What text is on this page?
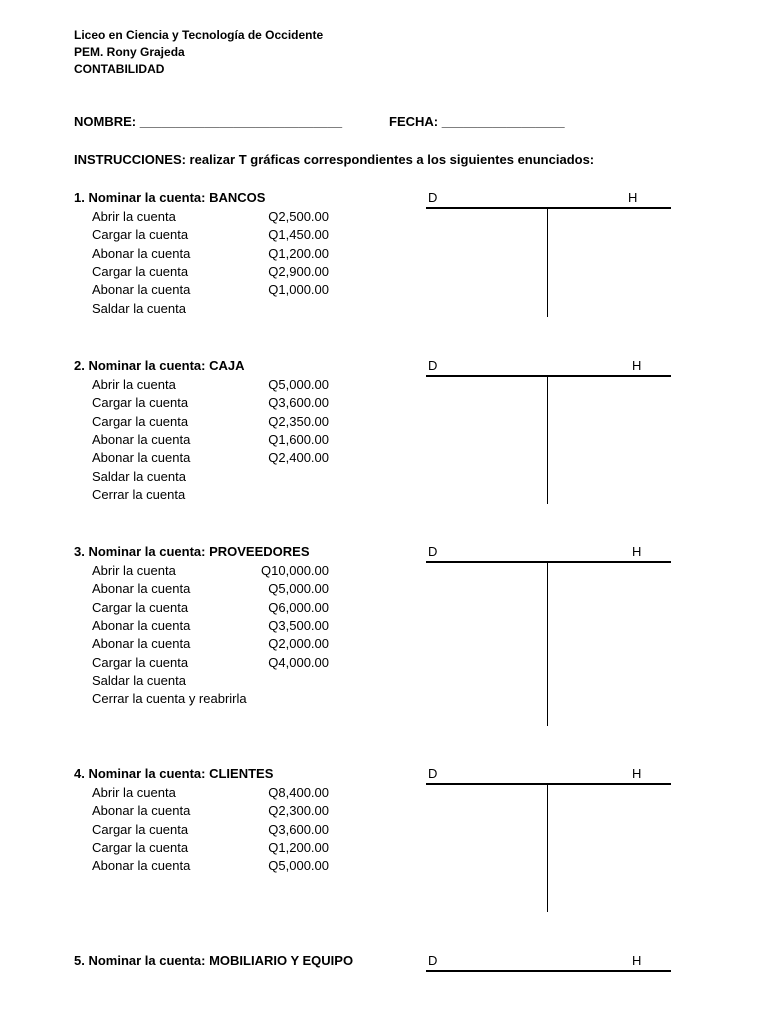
Liceo en Ciencia y Tecnología de Occidente
PEM. Rony Grajeda
CONTABILIDAD
NOMBRE: ____________________________	FECHA: _________________
INSTRUCCIONES: realizar T gráficas correspondientes a los siguientes enunciados:
1. Nominar la cuenta: BANCOS
Abrir la cuenta	Q2,500.00
Cargar la cuenta	Q1,450.00
Abonar la cuenta	Q1,200.00
Cargar la cuenta	Q2,900.00
Abonar la cuenta	Q1,000.00
Saldar la cuenta
D	H
2. Nominar la cuenta: CAJA
Abrir la cuenta	Q5,000.00
Cargar la cuenta	Q3,600.00
Cargar la cuenta	Q2,350.00
Abonar la cuenta	Q1,600.00
Abonar la cuenta	Q2,400.00
Saldar la cuenta
Cerrar la cuenta
D	H
3. Nominar la cuenta: PROVEEDORES
Abrir la cuenta	Q10,000.00
Abonar la cuenta	Q5,000.00
Cargar la cuenta	Q6,000.00
Abonar la cuenta	Q3,500.00
Abonar la cuenta	Q2,000.00
Cargar la cuenta	Q4,000.00
Saldar la cuenta
Cerrar la cuenta y reabrirla
D	H
4. Nominar la cuenta: CLIENTES
Abrir la cuenta	Q8,400.00
Abonar la cuenta	Q2,300.00
Cargar la cuenta	Q3,600.00
Cargar la cuenta	Q1,200.00
Abonar la cuenta	Q5,000.00
D	H
5. Nominar la cuenta: MOBILIARIO Y EQUIPO	D	H
